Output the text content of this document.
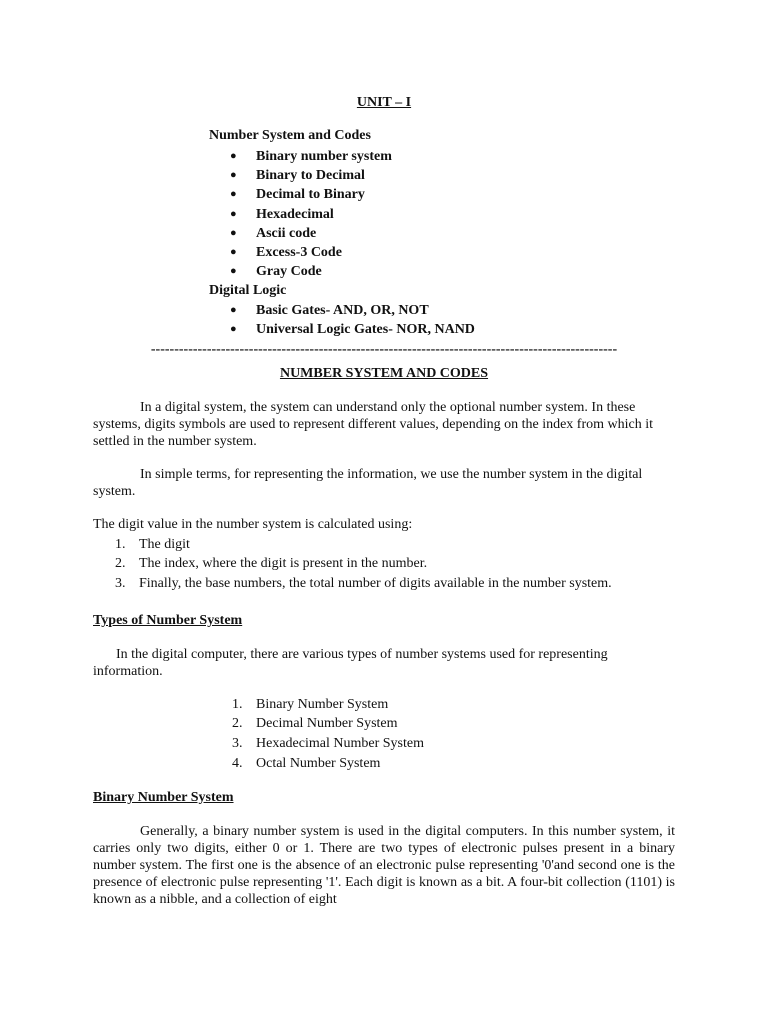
UNIT – I
Number System and Codes
● Binary number system
● Binary to Decimal
● Decimal to Binary
● Hexadecimal
● Ascii code
● Excess-3 Code
● Gray Code
Digital Logic
● Basic Gates- AND, OR, NOT
● Universal Logic Gates- NOR, NAND
----------------------------------------------------------------------------------------------------
NUMBER SYSTEM AND CODES

In a digital system, the system can understand only the optional number system. In these systems, digits symbols are used to represent different values, depending on the index from which it settled in the number system.

In simple terms, for representing the information, we use the number system in the digital system.

The digit value in the number system is calculated using:

1. The digit
2. The index, where the digit is present in the number.
3. Finally, the base numbers, the total number of digits available in the number system.
Types of Number System

In the digital computer, there are various types of number systems used for representing information.

1. Binary Number System
2. Decimal Number System
3. Hexadecimal Number System
4. Octal Number System
Binary Number System

Generally, a binary number system is used in the digital computers. In this number system, it carries only two digits, either 0 or 1. There are two types of electronic pulses present in a binary number system. The first one is the absence of an electronic pulse representing '0'and second one is the presence of electronic pulse representing '1'. Each digit is known as a bit. A four-bit collection (1101) is known as a nibble, and a collection of eight
